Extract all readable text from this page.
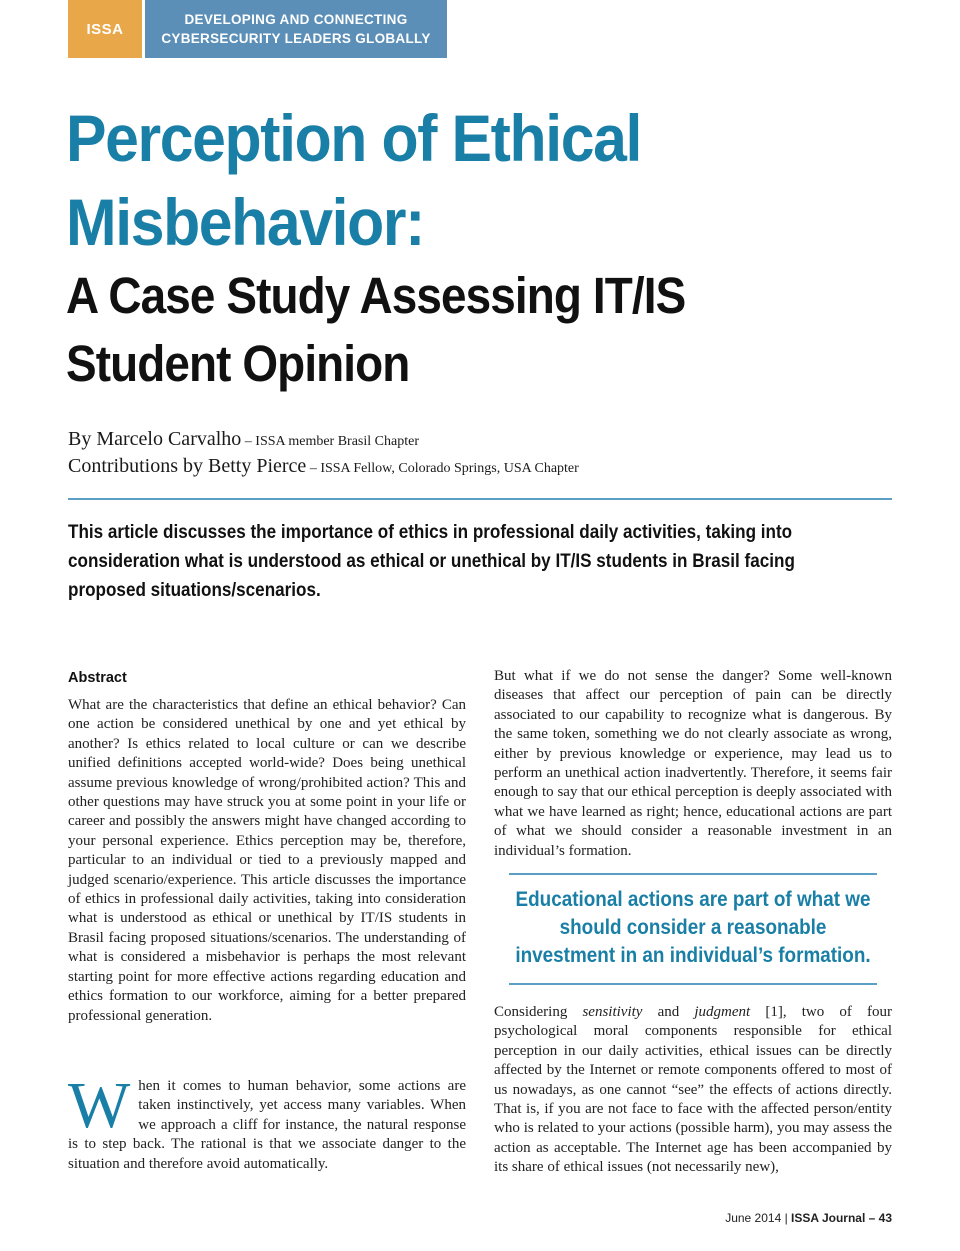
ISSA
DEVELOPING AND CONNECTING
CYBERSECURITY LEADERS GLOBALLY
Perception of Ethical Misbehavior:
A Case Study Assessing IT/IS Student Opinion
By Marcelo Carvalho – ISSA member Brasil Chapter
Contributions by Betty Pierce – ISSA Fellow, Colorado Springs, USA Chapter

This article discusses the importance of ethics in professional daily activities, taking into consideration what is understood as ethical or unethical by IT/IS students in Brasil facing proposed situations/scenarios.

Abstract

What are the characteristics that define an ethical behavior? Can one action be considered unethical by one and yet ethical by another? Is ethics related to local culture or can we describe unified definitions accepted world-wide? Does being unethical assume previous knowledge of wrong/prohibited action? This and other questions may have struck you at some point in your life or career and possibly the answers might have changed according to your personal experience. Ethics perception may be, therefore, particular to an individual or tied to a previously mapped and judged scenario/experience. This article discusses the importance of ethics in professional daily activities, taking into consideration what is understood as ethical or unethical by IT/IS students in Brasil facing proposed situations/scenarios. The understanding of what is considered a misbehavior is perhaps the most relevant starting point for more effective actions regarding education and ethics formation to our workforce, aiming for a better prepared professional generation.

When it comes to human behavior, some actions are taken instinctively, yet access many variables. When we approach a cliff for instance, the natural response is to step back. The rational is that we associate danger to the situation and therefore avoid automatically.

But what if we do not sense the danger? Some well-known diseases that affect our perception of pain can be directly associated to our capability to recognize what is dangerous. By the same token, something we do not clearly associate as wrong, either by previous knowledge or experience, may lead us to perform an unethical action inadvertently. Therefore, it seems fair enough to say that our ethical perception is deeply associated with what we have learned as right; hence, educational actions are part of what we should consider a reasonable investment in an individual’s formation.

Educational actions are part of what we should consider a reasonable investment in an individual’s formation.

Considering sensitivity and judgment [1], two of four psychological moral components responsible for ethical perception in our daily activities, ethical issues can be directly affected by the Internet or remote components offered to most of us nowadays, as one cannot “see” the effects of actions directly. That is, if you are not face to face with the affected person/entity who is related to your actions (possible harm), you may assess the action as acceptable. The Internet age has been accompanied by its share of ethical issues (not necessarily new),

June 2014 | ISSA Journal – 43
